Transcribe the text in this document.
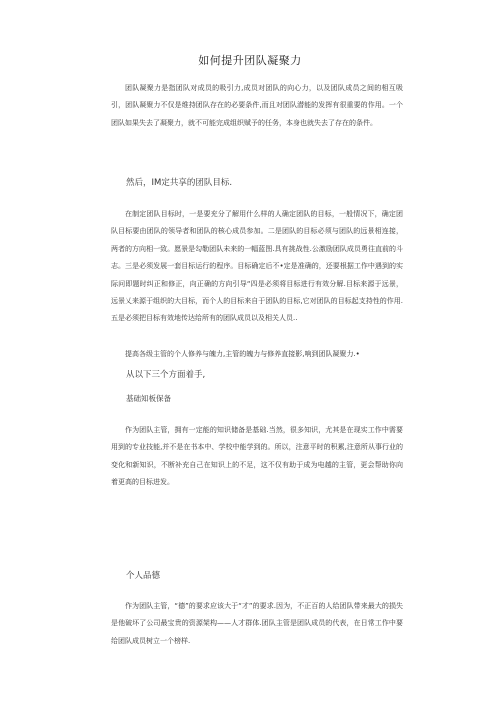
如何提升团队凝聚力

团队凝聚力是指团队对成员的吸引力,成员对团队的向心力，以及团队成员之间的相互吸引，团队凝聚力不仅是维持团队存在的必要条件,而且对团队潜能的发挥有很重要的作用。一个团队如果失去了凝聚力，就不可能完成组织赋予的任务，本身也就失去了存在的条件。

然后，IM定共享的团队目标.

在制定团队目标时，一是要充分了解用什么样的人确定团队的目标，一般情况下，确定团队目标要由团队的领导者和团队的核心成员参加。二是团队的目标必须与团队的远景相连接，两者的方向相一致。愿景是勾勒团队未来的一幅蓝图.具有挑战性.公激励团队成员勇往直前的斗志。三是必须发展一套目标运行的程序。目标确定后不•定是准确的，还要根据工作中遇到的实际问即题时纠正和修正，向正确的方向引导“四是必须将目标进行有效分解.目标来源于远景，远景乂来源于组织的大目标，而个人的目标来自于团队的目标,它对团队的目标起支持性的作用.五是必须把目标有效地传达给所有的团队成员以及相关人员..

提高各级主管的个人修养与魄力,主管的魄力与修养直接影,响到团队凝聚力.•

从以下三个方面着手,

基础知板保备

作为团队主管，拥有一定能的知识储备是基础.当然，很多知识，尤其是在现实工作中需要用到的专业技能,并不是在书本中、学校中能学到的。所以，注意平时的积累,注意所从事行业的变化和新知识，不断补充自己在知识上的不足，这不仅有助于成为电越的主管，更会帮助你向着更高的目标进发。

个人品德

作为团队主管，“德”的要求应该大于“才”的要求.因为，不正百的人给团队带来最大的损失是他破坏了公司最宝贵的资源架构——人才群体.团队主管是团队成员的代表，在日常工作中要给团队成员树立一个榜样.
